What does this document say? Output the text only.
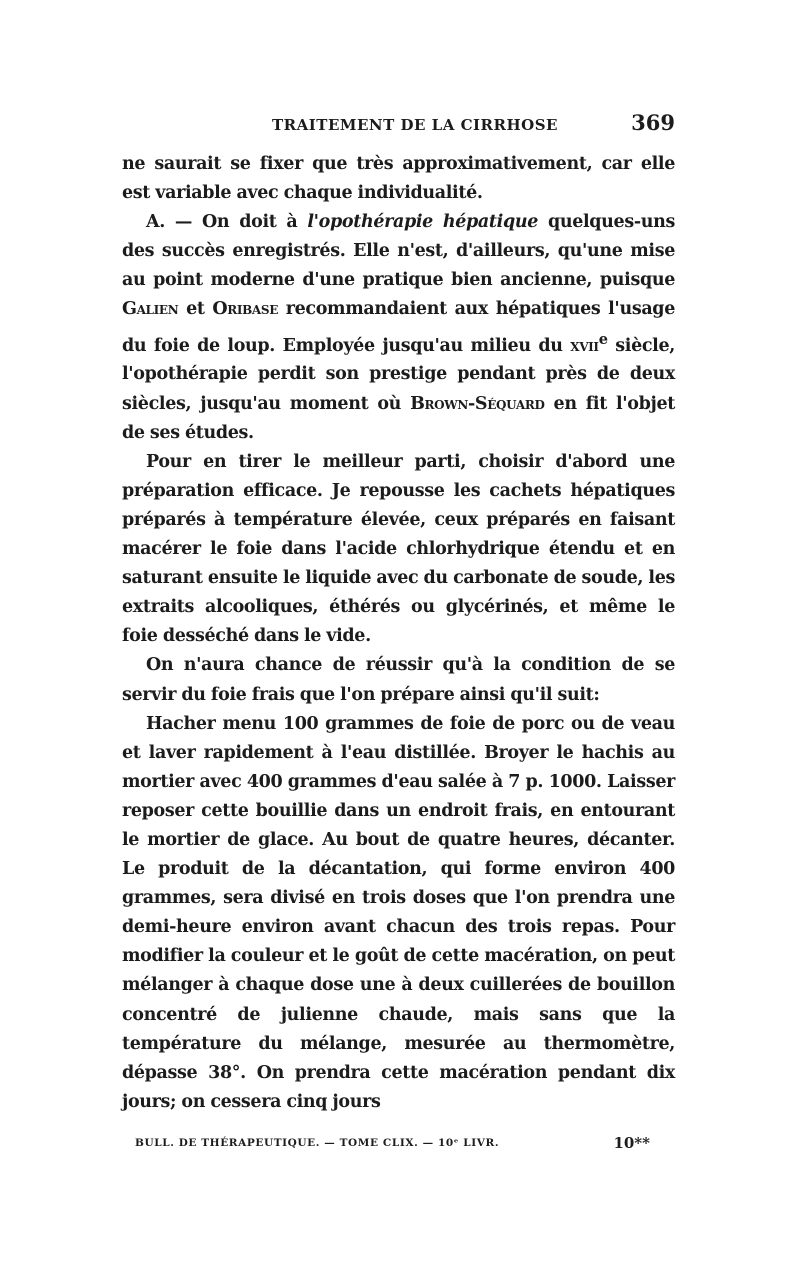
TRAITEMENT DE LA CIRRHOSE	369

ne saurait se fixer que très approximativement, car elle est variable avec chaque individualité.

A. — On doit à l'opothérapie hépatique quelques-uns des succès enregistrés. Elle n'est, d'ailleurs, qu'une mise au point moderne d'une pratique bien ancienne, puisque Galien et Oribase recommandaient aux hépatiques l'usage du foie de loup. Employée jusqu'au milieu du xvii$^e$ siècle, l'opothérapie perdit son prestige pendant près de deux siècles, jusqu'au moment où Brown-Séquard en fit l'objet de ses études.

Pour en tirer le meilleur parti, choisir d'abord une préparation efficace. Je repousse les cachets hépatiques préparés à température élevée, ceux préparés en faisant macérer le foie dans l'acide chlorhydrique étendu et en saturant ensuite le liquide avec du carbonate de soude, les extraits alcooliques, éthérés ou glycérinés, et même le foie desséché dans le vide.

On n'aura chance de réussir qu'à la condition de se servir du foie frais que l'on prépare ainsi qu'il suit:

Hacher menu 100 grammes de foie de porc ou de veau et laver rapidement à l'eau distillée. Broyer le hachis au mortier avec 400 grammes d'eau salée à 7 p. 1000. Laisser reposer cette bouillie dans un endroit frais, en entourant le mortier de glace. Au bout de quatre heures, décanter. Le produit de la décantation, qui forme environ 400 grammes, sera divisé en trois doses que l'on prendra une demi-heure environ avant chacun des trois repas. Pour modifier la couleur et le goût de cette macération, on peut mélanger à chaque dose une à deux cuillerées de bouillon concentré de julienne chaude, mais sans que la température du mélange, mesurée au thermomètre, dépasse 38°. On prendra cette macération pendant dix jours; on cessera cinq jours

BULL. DE THÉRAPEUTIQUE. — TOME CLIX. — 10ᵉ LIVR.	10**
